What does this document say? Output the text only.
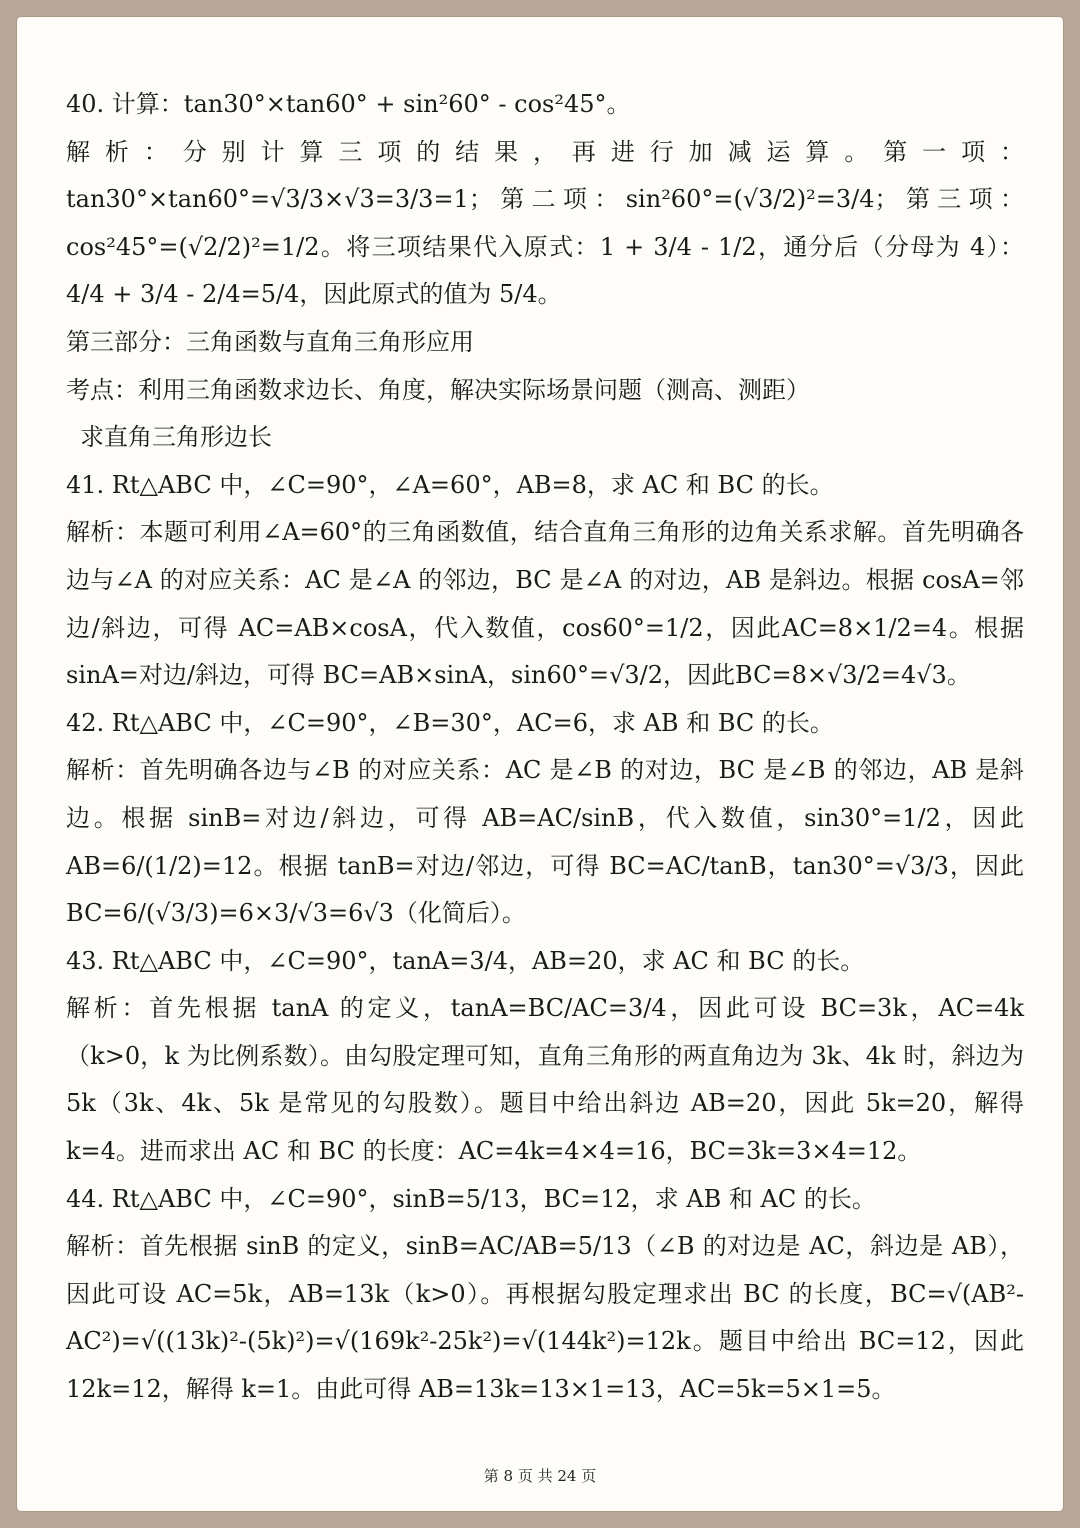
40. 计算：tan30°×tan60° + sin²60° - cos²45°。

解析：分别计算三项的结果，再进行加减运算。第一项：tan30°×tan60°=√3/3×√3=3/3=1；第二项：sin²60°=(√3/2)²=3/4；第三项：cos²45°=(√2/2)²=1/2。将三项结果代入原式：1 + 3/4 - 1/2，通分后（分母为 4）：4/4 + 3/4 - 2/4=5/4，因此原式的值为 5/4。

第三部分：三角函数与直角三角形应用

考点：利用三角函数求边长、角度，解决实际场景问题（测高、测距）

求直角三角形边长

41. Rt△ABC 中，∠C=90°，∠A=60°，AB=8，求 AC 和 BC 的长。

解析：本题可利用∠A=60°的三角函数值，结合直角三角形的边角关系求解。首先明确各边与∠A 的对应关系：AC 是∠A 的邻边，BC 是∠A 的对边，AB 是斜边。根据 cosA=邻边/斜边，可得 AC=AB×cosA，代入数值，cos60°=1/2，因此AC=8×1/2=4。根据 sinA=对边/斜边，可得 BC=AB×sinA，sin60°=√3/2，因此BC=8×√3/2=4√3。

42. Rt△ABC 中，∠C=90°，∠B=30°，AC=6，求 AB 和 BC 的长。

解析：首先明确各边与∠B 的对应关系：AC 是∠B 的对边，BC 是∠B 的邻边，AB 是斜边。根据 sinB=对边/斜边，可得 AB=AC/sinB，代入数值，sin30°=1/2，因此 AB=6/(1/2)=12。根据 tanB=对边/邻边，可得 BC=AC/tanB，tan30°=√3/3，因此 BC=6/(√3/3)=6×3/√3=6√3（化简后）。

43. Rt△ABC 中，∠C=90°，tanA=3/4，AB=20，求 AC 和 BC 的长。

解析：首先根据 tanA 的定义，tanA=BC/AC=3/4，因此可设 BC=3k，AC=4k（k>0，k 为比例系数）。由勾股定理可知，直角三角形的两直角边为 3k、4k 时，斜边为5k（3k、4k、5k 是常见的勾股数）。题目中给出斜边 AB=20，因此 5k=20，解得k=4。进而求出 AC 和 BC 的长度：AC=4k=4×4=16，BC=3k=3×4=12。

44. Rt△ABC 中，∠C=90°，sinB=5/13，BC=12，求 AB 和 AC 的长。

解析：首先根据 sinB 的定义，sinB=AC/AB=5/13（∠B 的对边是 AC，斜边是 AB），因此可设 AC=5k，AB=13k（k>0）。再根据勾股定理求出 BC 的长度，BC=√(AB²-AC²)=√((13k)²-(5k)²)=√(169k²-25k²)=√(144k²)=12k。题目中给出 BC=12，因此 12k=12，解得 k=1。由此可得 AB=13k=13×1=13，AC=5k=5×1=5。

第 8 页 共 24 页
